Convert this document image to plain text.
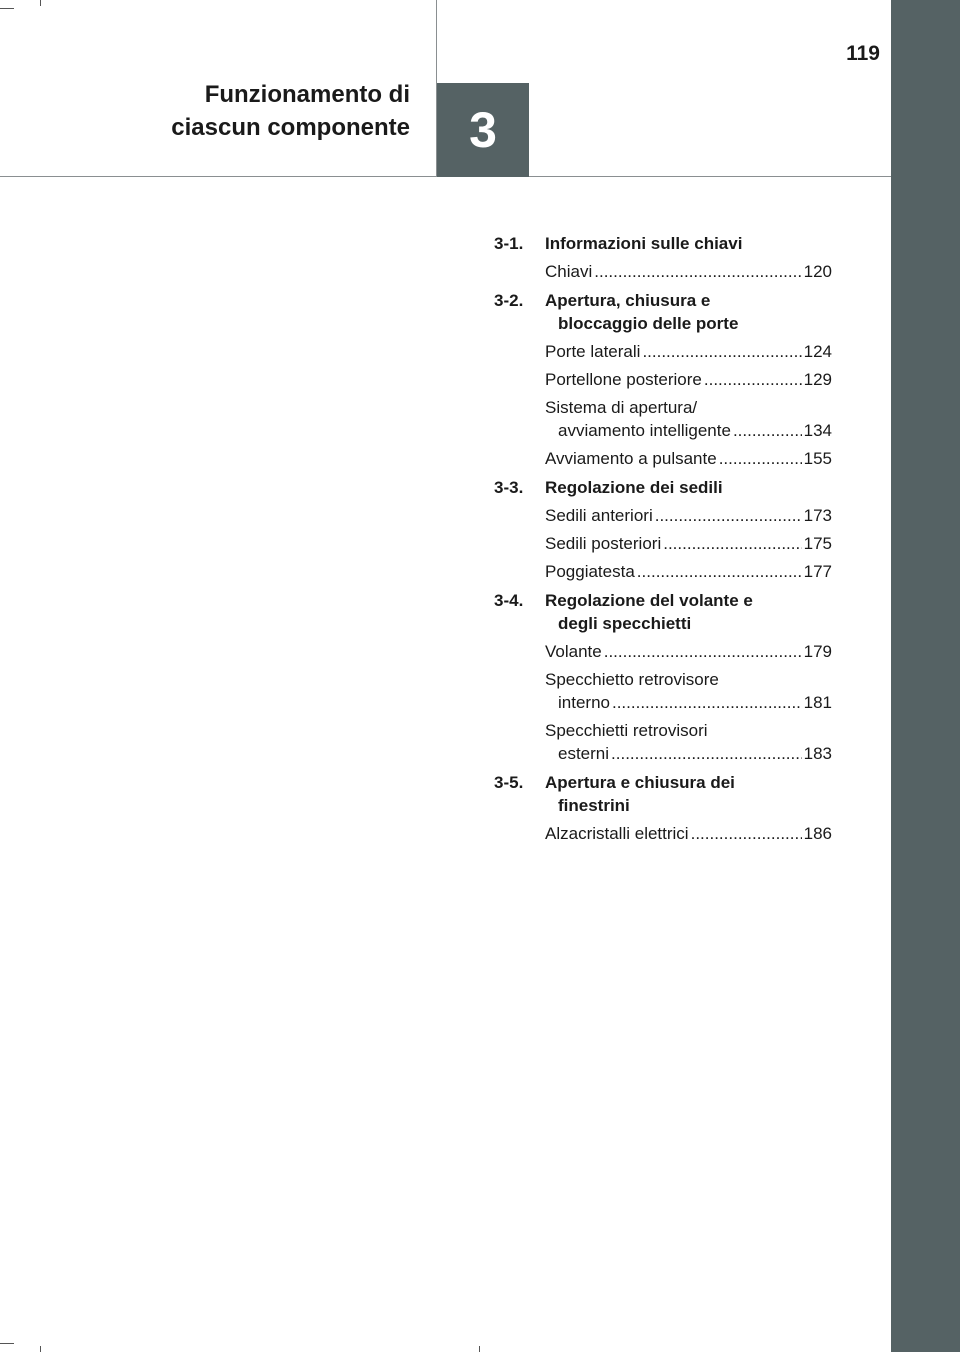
Funzionamento di
ciascun componente 3
119
3-1.	Informazioni sulle chiavi
Chiavi .....	120
3-2.	Apertura, chiusura e
bloccaggio delle porte
Porte laterali .....	124
Portellone posteriore .....	129
Sistema di apertura/
avviamento intelligente .....	134
Avviamento a pulsante .....	155
3-3.	Regolazione dei sedili
Sedili anteriori .....	173
Sedili posteriori .....	175
Poggiatesta .....	177
3-4.	Regolazione del volante e
degli specchietti
Volante .....	179
Specchietto retrovisore
interno .....	181
Specchietti retrovisori
esterni .....	183
3-5.	Apertura e chiusura dei
finestrini
Alzacristalli elettrici .....	186
